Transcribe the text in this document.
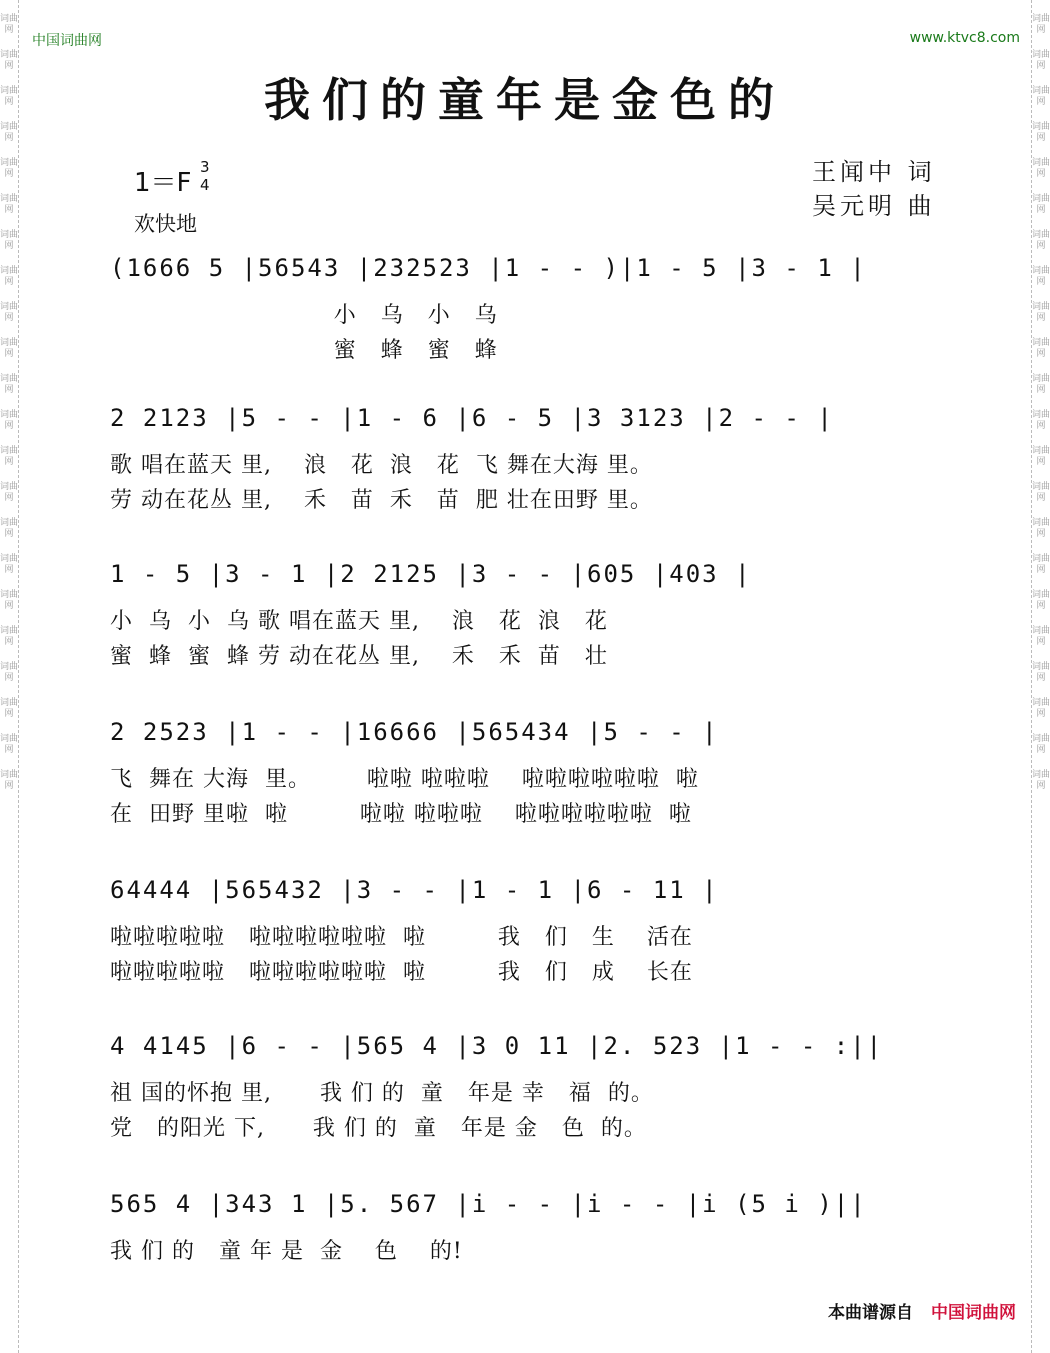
词曲网
词曲网
词曲网
词曲网
词曲网
词曲网
词曲网
词曲网
词曲网
词曲网
词曲网
词曲网
词曲网
词曲网
词曲网
词曲网
词曲网
词曲网
词曲网
词曲网
词曲网
词曲网
词曲网
词曲网
词曲网
词曲网
词曲网
词曲网
词曲网
词曲网
词曲网
词曲网
词曲网
词曲网
词曲网
词曲网
词曲网
词曲网
词曲网
词曲网
词曲网
词曲网
词曲网
词曲网
中国词曲网	www.ktvc8.com
我们的童年是金色的
1＝F
3
4
欢快地
王闻中 词
吴元明 曲
(1666 5 |56543 |232523 |1 - - )|1 - 5 |3 - 1 |
小   乌   小   乌
蜜   蜂   蜜   蜂
2 2123 |5 - - |1 - 6 |6 - 5 |3 3123 |2 - - |
歌 唱在蓝天 里,    浪   花  浪   花  飞 舞在大海 里。
劳 动在花丛 里,    禾   苗  禾   苗  肥 壮在田野 里。
1 - 5 |3 - 1 |2 2125 |3 - - |605 |403 |
小  乌  小  乌 歌 唱在蓝天 里,    浪   花  浪   花
蜜  蜂  蜜  蜂 劳 动在花丛 里,    禾   禾  苗   壮
2 2523 |1 - - |16666 |565434 |5 - - |
飞  舞在 大海  里。       啦啦 啦啦啦    啦啦啦啦啦啦  啦
在  田野 里啦  啦         啦啦 啦啦啦    啦啦啦啦啦啦  啦
64444 |565432 |3 - - |1 - 1 |6 - 11 |
啦啦啦啦啦   啦啦啦啦啦啦  啦         我   们   生    活在
啦啦啦啦啦   啦啦啦啦啦啦  啦         我   们   成    长在
4 4145 |6 - - |565 4 |3 0 11 |2. 523 |1 - - :||
祖 国的怀抱 里,      我 们 的  童   年是 幸   福  的。
党   的阳光 下,      我 们 的  童   年是 金   色  的。
565 4 |343 1 |5. 567 |i - - |i - - |i (5 i )||
我 们 的   童 年 是  金    色    的!
本曲谱源自 中国词曲网
